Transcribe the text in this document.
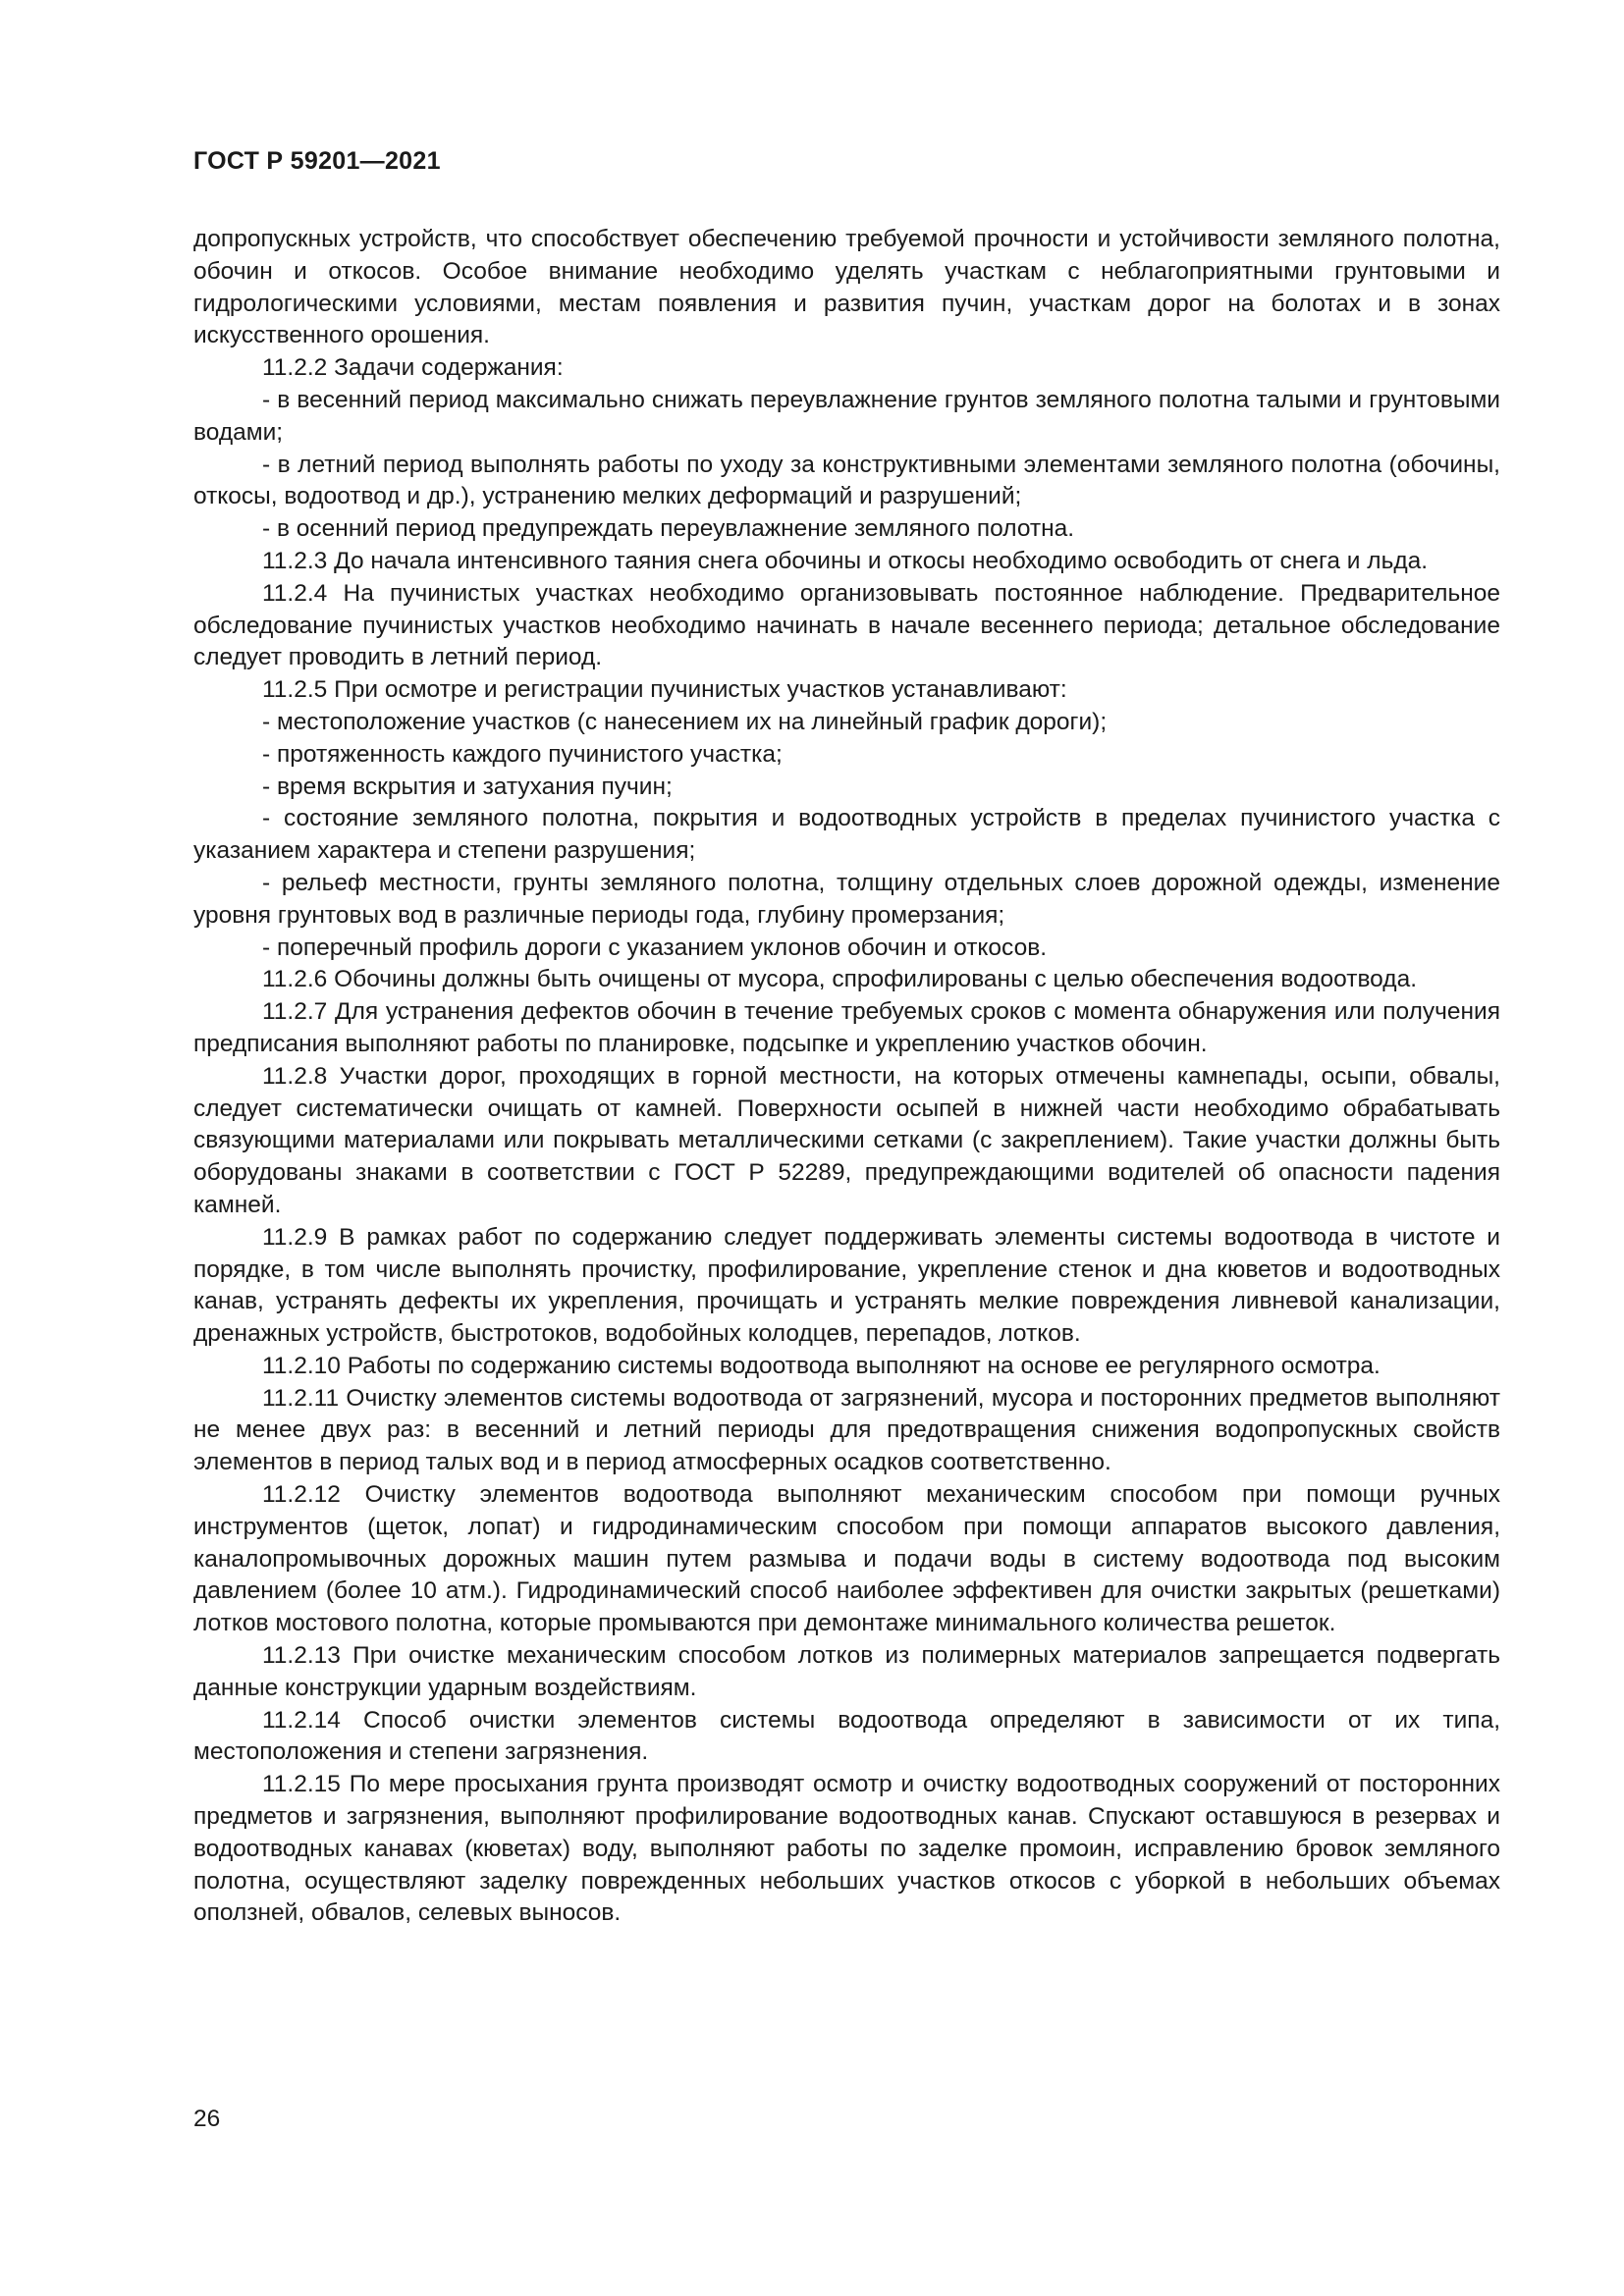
ГОСТ Р 59201—2021

допропускных устройств, что способствует обеспечению требуемой прочности и устойчивости земляного полотна, обочин и откосов. Особое внимание необходимо уделять участкам с неблагоприятными грунтовыми и гидрологическими условиями, местам появления и развития пучин, участкам дорог на болотах и в зонах искусственного орошения.

11.2.2 Задачи содержания:

- в весенний период максимально снижать переувлажнение грунтов земляного полотна талыми и грунтовыми водами;

- в летний период выполнять работы по уходу за конструктивными элементами земляного полотна (обочины, откосы, водоотвод и др.), устранению мелких деформаций и разрушений;

- в осенний период предупреждать переувлажнение земляного полотна.

11.2.3 До начала интенсивного таяния снега обочины и откосы необходимо освободить от снега и льда.

11.2.4 На пучинистых участках необходимо организовывать постоянное наблюдение. Предварительное обследование пучинистых участков необходимо начинать в начале весеннего периода; детальное обследование следует проводить в летний период.

11.2.5 При осмотре и регистрации пучинистых участков устанавливают:

- местоположение участков (с нанесением их на линейный график дороги);

- протяженность каждого пучинистого участка;

- время вскрытия и затухания пучин;

- состояние земляного полотна, покрытия и водоотводных устройств в пределах пучинистого участка с указанием характера и степени разрушения;

- рельеф местности, грунты земляного полотна, толщину отдельных слоев дорожной одежды, изменение уровня грунтовых вод в различные периоды года, глубину промерзания;

- поперечный профиль дороги с указанием уклонов обочин и откосов.

11.2.6 Обочины должны быть очищены от мусора, спрофилированы с целью обеспечения водоотвода.

11.2.7 Для устранения дефектов обочин в течение требуемых сроков с момента обнаружения или получения предписания выполняют работы по планировке, подсыпке и укреплению участков обочин.

11.2.8 Участки дорог, проходящих в горной местности, на которых отмечены камнепады, осыпи, обвалы, следует систематически очищать от камней. Поверхности осыпей в нижней части необходимо обрабатывать связующими материалами или покрывать металлическими сетками (с закреплением). Такие участки должны быть оборудованы знаками в соответствии с ГОСТ Р 52289, предупреждающими водителей об опасности падения камней.

11.2.9 В рамках работ по содержанию следует поддерживать элементы системы водоотвода в чистоте и порядке, в том числе выполнять прочистку, профилирование, укрепление стенок и дна кюветов и водоотводных канав, устранять дефекты их укрепления, прочищать и устранять мелкие повреждения ливневой канализации, дренажных устройств, быстротоков, водобойных колодцев, перепадов, лотков.

11.2.10 Работы по содержанию системы водоотвода выполняют на основе ее регулярного осмотра.

11.2.11 Очистку элементов системы водоотвода от загрязнений, мусора и посторонних предметов выполняют не менее двух раз: в весенний и летний периоды для предотвращения снижения водопропускных свойств элементов в период талых вод и в период атмосферных осадков соответственно.

11.2.12 Очистку элементов водоотвода выполняют механическим способом при помощи ручных инструментов (щеток, лопат) и гидродинамическим способом при помощи аппаратов высокого давления, каналопромывочных дорожных машин путем размыва и подачи воды в систему водоотвода под высоким давлением (более 10 атм.). Гидродинамический способ наиболее эффективен для очистки закрытых (решетками) лотков мостового полотна, которые промываются при демонтаже минимального количества решеток.

11.2.13 При очистке механическим способом лотков из полимерных материалов запрещается подвергать данные конструкции ударным воздействиям.

11.2.14 Способ очистки элементов системы водоотвода определяют в зависимости от их типа, местоположения и степени загрязнения.

11.2.15 По мере просыхания грунта производят осмотр и очистку водоотводных сооружений от посторонних предметов и загрязнения, выполняют профилирование водоотводных канав. Спускают оставшуюся в резервах и водоотводных канавах (кюветах) воду, выполняют работы по заделке промоин, исправлению бровок земляного полотна, осуществляют заделку поврежденных небольших участков откосов с уборкой в небольших объемах оползней, обвалов, селевых выносов.

26
